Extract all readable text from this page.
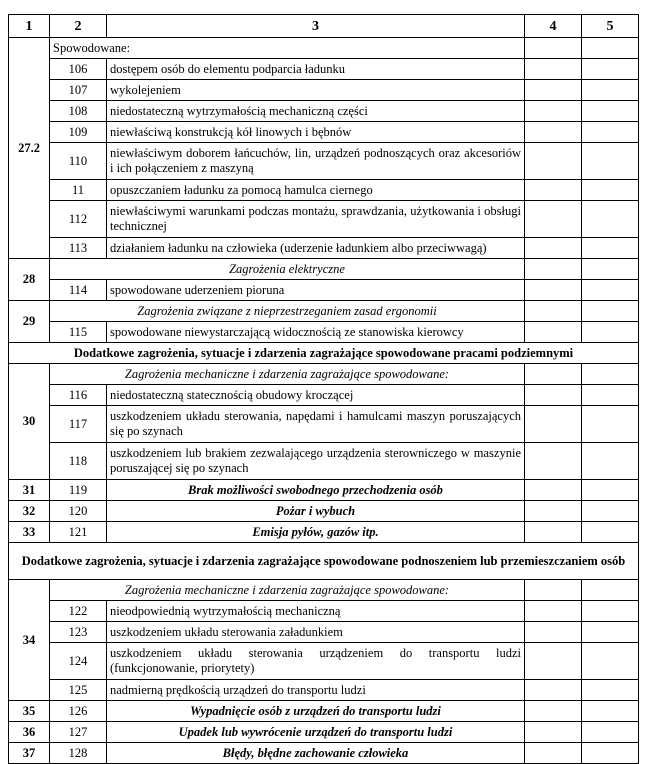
1	2	3	4	5
27.2	Spowodowane:			
	106	dostępem osób do elementu podparcia ładunku		
	107	wykolejeniem		
	108	niedostateczną wytrzymałością mechaniczną części		
	109	niewłaściwą konstrukcją kół linowych i bębnów		
	110	niewłaściwym doborem łańcuchów, lin, urządzeń podnoszących oraz akcesoriów i ich połączeniem z maszyną		
	11	opuszczaniem ładunku za pomocą hamulca ciernego		
	112	niewłaściwymi warunkami podczas montażu, sprawdzania, użytkowania i obsługi technicznej		
	113	działaniem ładunku na człowieka (uderzenie ładunkiem albo przeciwwagą)		
28	Zagrożenia elektryczne			
	114	spowodowane uderzeniem pioruna		
29	Zagrożenia związane z nieprzestrzeganiem zasad ergonomii			
	115	spowodowane niewystarczającą widocznością ze stanowiska kierowcy		
Dodatkowe zagrożenia, sytuacje i zdarzenia zagrażające spowodowane pracami podziemnymi				
30	Zagrożenia mechaniczne i zdarzenia zagrażające spowodowane:			
	116	niedostateczną statecznością obudowy kroczącej		
	117	uszkodzeniem układu sterowania, napędami i hamulcami maszyn poruszających się po szynach		
	118	uszkodzeniem lub brakiem zezwalającego urządzenia sterowniczego w maszynie poruszającej się po szynach		
31	119	Brak możliwości swobodnego przechodzenia osób		
32	120	Pożar i wybuch		
33	121	Emisja pyłów, gazów itp.		
Dodatkowe zagrożenia, sytuacje i zdarzenia zagrażające spowodowane podnoszeniem lub przemieszczaniem osób				
34	Zagrożenia mechaniczne i zdarzenia zagrażające spowodowane:			
	122	nieodpowiednią wytrzymałością mechaniczną		
	123	uszkodzeniem układu sterowania załadunkiem		
	124	uszkodzeniem układu sterowania urządzeniem do transportu ludzi (funkcjonowanie, priorytety)		
	125	nadmierną prędkością urządzeń do transportu ludzi		
35	126	Wypadnięcie osób z urządzeń do transportu ludzi		
36	127	Upadek lub wywrócenie urządzeń do transportu ludzi		
37	128	Błędy, błędne zachowanie człowieka		
